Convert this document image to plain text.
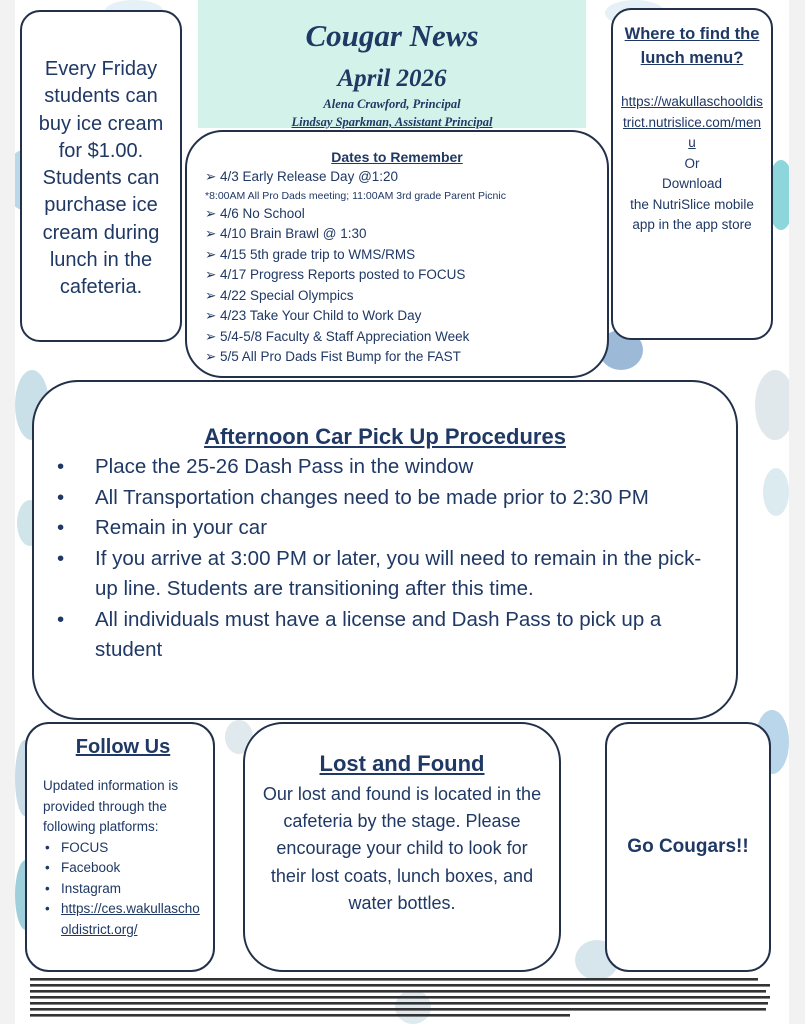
Cougar News
April 2026
Alena Crawford, Principal
Lindsay Sparkman, Assistant Principal
Every Friday students can buy ice cream for $1.00. Students can purchase ice cream during lunch in the cafeteria.
Where to find the lunch menu?
https://wakullaschooldistrict.nutrislice.com/menu
Or
Download
the NutriSlice mobile app in the app store
Dates to Remember
➢ 4/3 Early Release Day @1:20
*8:00AM All Pro Dads meeting; 11:00AM 3rd grade Parent Picnic
➢ 4/6 No School
➢ 4/10 Brain Brawl @ 1:30
➢ 4/15 5th grade trip to WMS/RMS
➢ 4/17 Progress Reports posted to FOCUS
➢ 4/22 Special Olympics
➢ 4/23 Take Your Child to Work Day
➢ 5/4-5/8 Faculty & Staff Appreciation Week
➢ 5/5 All Pro Dads Fist Bump for the FAST
Afternoon Car Pick Up Procedures
• Place the 25-26 Dash Pass in the window
• All Transportation changes need to be made prior to 2:30 PM
• Remain in your car
• If you arrive at 3:00 PM or later, you will need to remain in the pick-up line. Students are transitioning after this time.
• All individuals must have a license and Dash Pass to pick up a student
Follow Us
Updated information is provided through the following platforms:
• FOCUS
• Facebook
• Instagram
• https://ces.wakullaschooldistrict.org/
Lost and Found
Our lost and found is located in the cafeteria by the stage. Please encourage your child to look for their lost coats, lunch boxes, and water bottles.
Go Cougars!!
